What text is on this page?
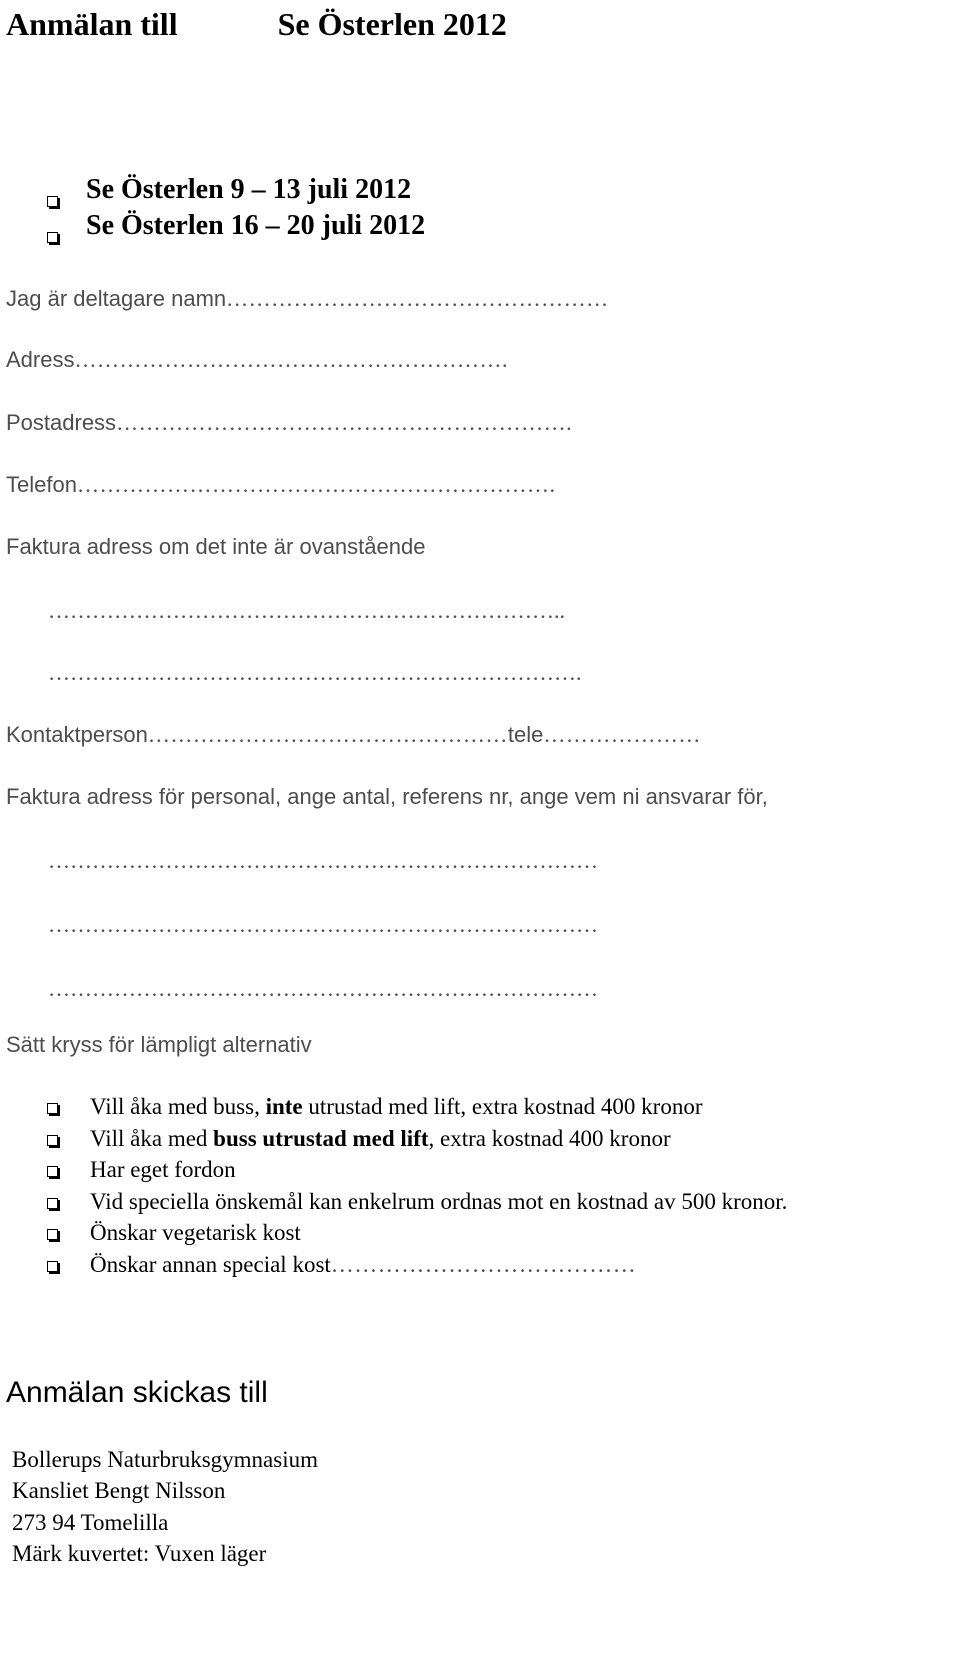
Anmälan till	Se Österlen 2012
Se Österlen 9 – 13 juli 2012
Se Österlen 16 – 20 juli 2012
Jag är deltagare namn……………………………………………
Adress………………………………………………….
Postadress…………………………………………………….
Telefon……………………………………………………….
Faktura adress om det inte är ovanstående
……………………………………………………………..
……………………………………………………………….
Kontaktperson…………………………………………tele…………………
Faktura adress för personal, ange antal, referens nr, ange vem ni ansvarar för,
…………………………………………………………………
…………………………………………………………………
…………………………………………………………………
Sätt kryss för lämpligt alternativ
Vill åka med buss, inte utrustad med lift, extra kostnad 400 kronor
Vill åka med buss utrustad med lift, extra kostnad 400 kronor
Har eget fordon
Vid speciella önskemål kan enkelrum ordnas mot en kostnad av 500 kronor.
Önskar vegetarisk kost
Önskar annan special kost…………………………………
Anmälan skickas till
Bollerups Naturbruksgymnasium
Kansliet Bengt Nilsson
273 94 Tomelilla
Märk kuvertet: Vuxen läger
